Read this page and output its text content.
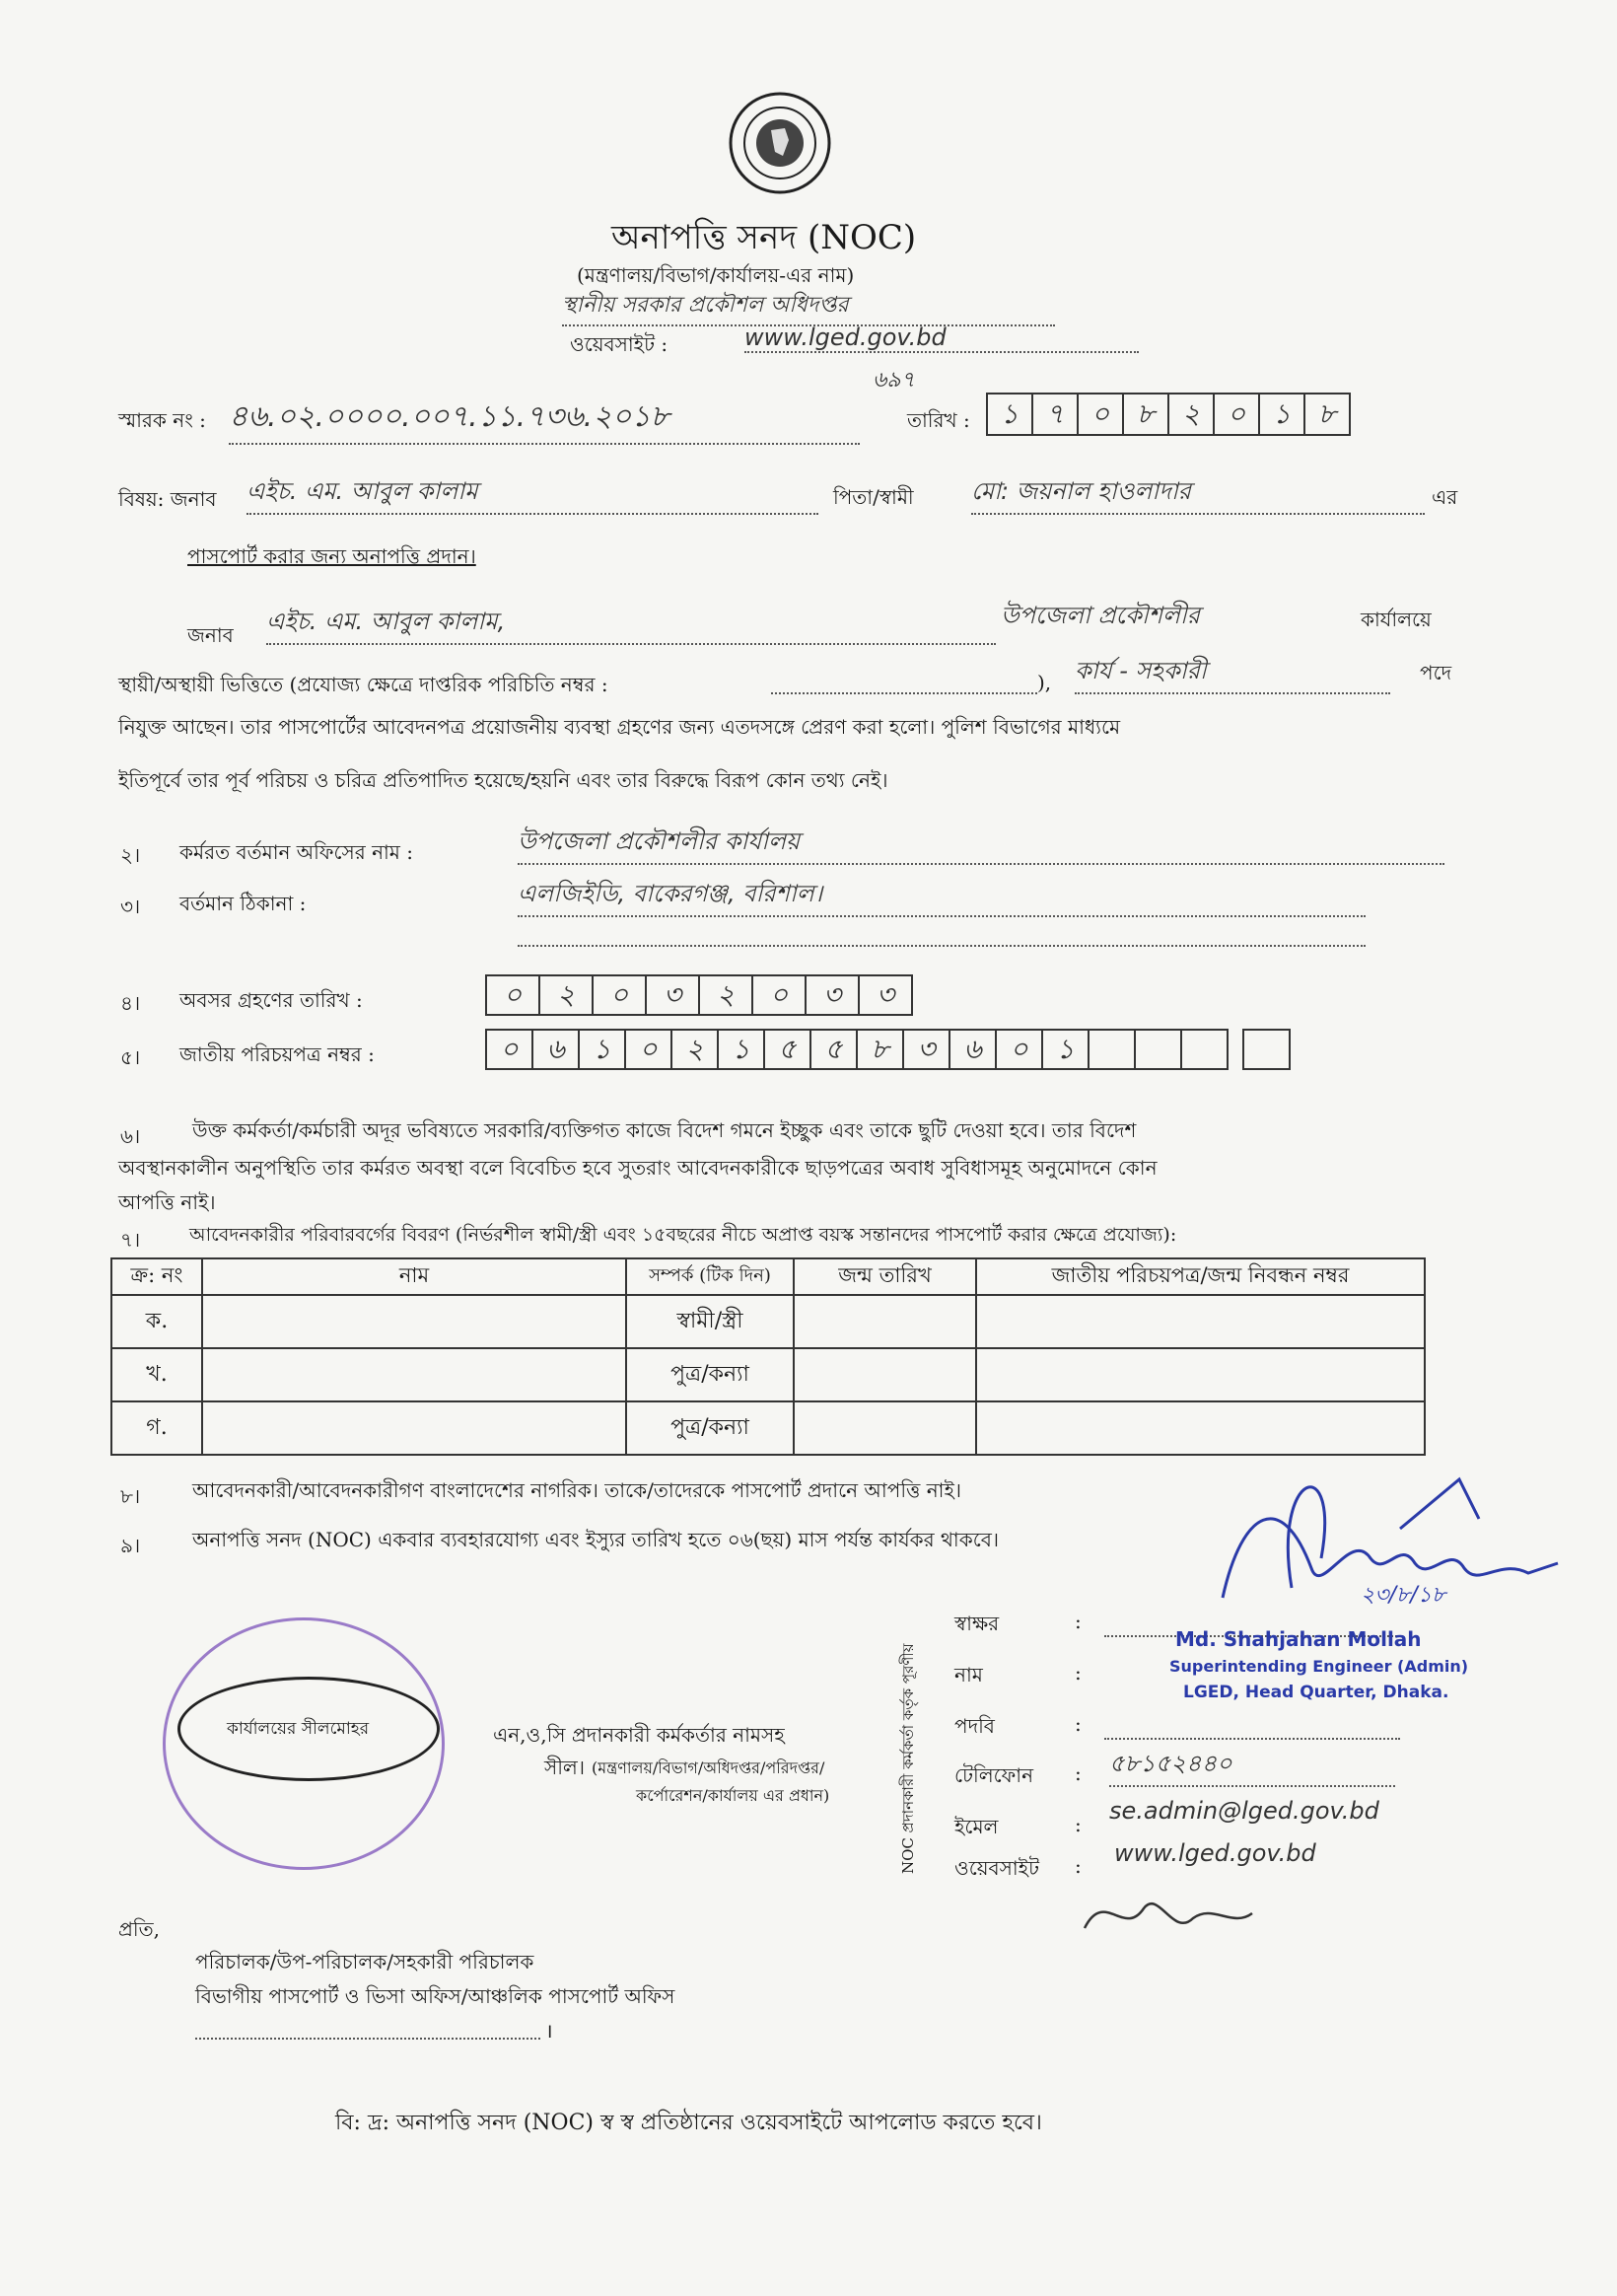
অনাপত্তি সনদ (NOC)
(মন্ত্রণালয়/বিভাগ/কার্যালয়-এর নাম)
স্থানীয় সরকার প্রকৌশল অধিদপ্তর
ওয়েবসাইট :	www.lged.gov.bd
স্মারক নং : ৪৬.০২.০০০০.০০৭.১১.৭৩৬.২০১৮
৬৯৭
তারিখ :	১ ৭ ০ ৮ ২ ০ ১ ৮
বিষয়: জনাব এইচ. এম. আবুল কালাম	পিতা/স্বামী মো: জয়নাল হাওলাদার	এর
পাসপোর্ট করার জন্য অনাপত্তি প্রদান।
জনাব এইচ. এম. আবুল কালাম,	উপজেলা প্রকৌশলীর	কার্যালয়ে
স্থায়ী/অস্থায়ী ভিত্তিতে (প্রযোজ্য ক্ষেত্রে দাপ্তরিক পরিচিতি নম্বর :	), কার্য - সহকারী	পদে
নিযুক্ত আছেন। তার পাসপোর্টের আবেদনপত্র প্রয়োজনীয় ব্যবস্থা গ্রহণের জন্য এতদসঙ্গে প্রেরণ করা হলো। পুলিশ বিভাগের মাধ্যমে
ইতিপূর্বে তার পূর্ব পরিচয় ও চরিত্র প্রতিপাদিত হয়েছে/হয়নি এবং তার বিরুদ্ধে বিরূপ কোন তথ্য নেই।
২। কর্মরত বর্তমান অফিসের নাম :	উপজেলা প্রকৌশলীর কার্যালয়
৩। বর্তমান ঠিকানা :	এলজিইডি, বাকেরগঞ্জ, বরিশাল।
৪। অবসর গ্রহণের তারিখ :	০	২	০	৩	২	০	৩	৩
৫। জাতীয় পরিচয়পত্র নম্বর :	০	৬	১	০	২	১	৫	৫	৮	৩	৬	০	১
৬।	উক্ত কর্মকর্তা/কর্মচারী অদূর ভবিষ্যতে সরকারি/ব্যক্তিগত কাজে বিদেশ গমনে ইচ্ছুক এবং তাকে ছুটি দেওয়া হবে। তার বিদেশ
অবস্থানকালীন অনুপস্থিতি তার কর্মরত অবস্থা বলে বিবেচিত হবে সুতরাং আবেদনকারীকে ছাড়পত্রের অবাধ সুবিধাসমূহ অনুমোদনে কোন
আপত্তি নাই।
৭।	আবেদনকারীর পরিবারবর্গের বিবরণ (নির্ভরশীল স্বামী/স্ত্রী এবং ১৫বছরের নীচে অপ্রাপ্ত বয়স্ক সন্তানদের পাসপোর্ট করার ক্ষেত্রে প্রযোজ্য):
ক্র: নং	নাম	সম্পর্ক (টিক দিন)	জন্ম তারিখ	জাতীয় পরিচয়পত্র/জন্ম নিবন্ধন নম্বর
ক.		স্বামী/স্ত্রী		
খ.		পুত্র/কন্যা		
গ.		পুত্র/কন্যা		
৮।	আবেদনকারী/আবেদনকারীগণ বাংলাদেশের নাগরিক। তাকে/তাদেরকে পাসপোর্ট প্রদানে আপত্তি নাই।
৯।	অনাপত্তি সনদ (NOC) একবার ব্যবহারযোগ্য এবং ইস্যুর তারিখ হতে ০৬(ছয়) মাস পর্যন্ত কার্যকর থাকবে।
২৩/৮/১৮
কার্যালয়ের সীলমোহর	এন,ও,সি প্রদানকারী কর্মকর্তার নামসহ
সীল। (মন্ত্রণালয়/বিভাগ/অধিদপ্তর/পরিদপ্তর/
কর্পোরেশন/কার্যালয় এর প্রধান)	NOC প্রদানকারী কর্মকর্তা কর্তৃক পূরণীয়
স্বাক্ষর	:
নাম	:
Md. Shahjahan Mollah
Superintending Engineer (Admin)
LGED, Head Quarter, Dhaka.
পদবি	:
টেলিফোন : ৫৮১৫২৪৪০
ইমেল	: se.admin@lged.gov.bd
ওয়েবসাইট : www.lged.gov.bd
প্রতি,
পরিচালক/উপ-পরিচালক/সহকারী পরিচালক
বিভাগীয় পাসপোর্ট ও ভিসা অফিস/আঞ্চলিক পাসপোর্ট অফিস
।
বি: দ্র: অনাপত্তি সনদ (NOC) স্ব স্ব প্রতিষ্ঠানের ওয়েবসাইটে আপলোড করতে হবে।
